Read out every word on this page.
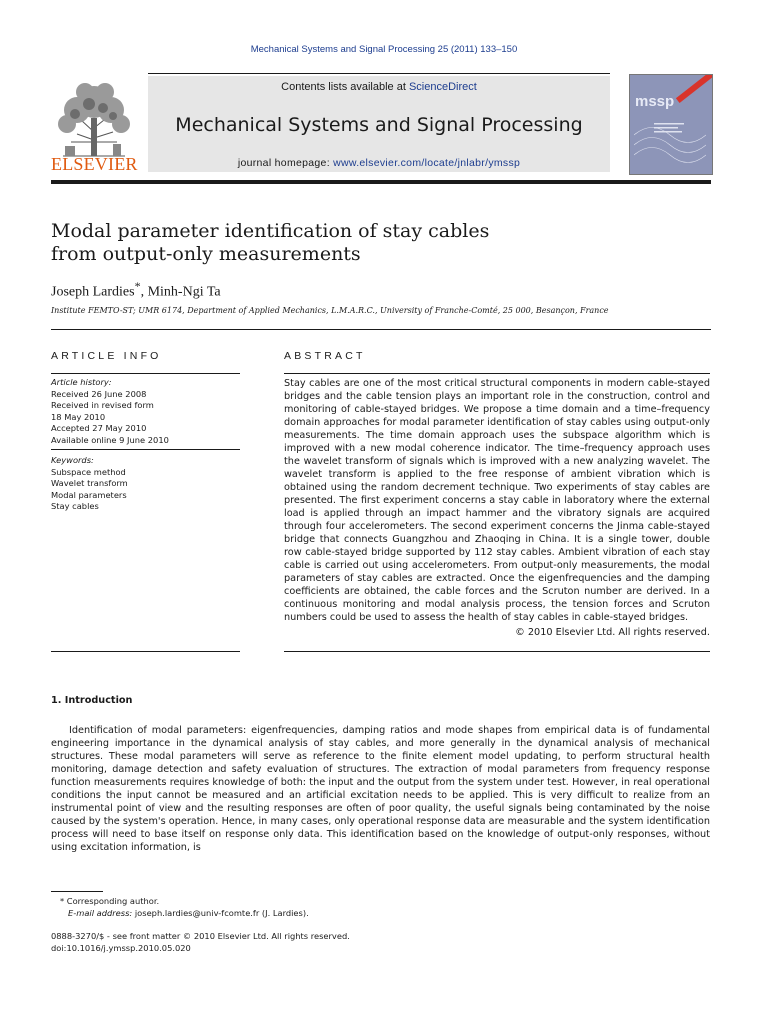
Mechanical Systems and Signal Processing 25 (2011) 133–150
ELSEVIER
Contents lists available at ScienceDirect
Mechanical Systems and Signal Processing
journal homepage: www.elsevier.com/locate/jnlabr/ymssp
mssp
Modal parameter identification of stay cables
from output-only measurements
Joseph Lardies*, Minh-Ngi Ta
Institute FEMTO-ST; UMR 6174, Department of Applied Mechanics, L.M.A.R.C., University of Franche-Comté, 25 000, Besançon, France
ARTICLE INFO	ABSTRACT
Article history:
Received 26 June 2008
Received in revised form
18 May 2010
Accepted 27 May 2010
Available online 9 June 2010
Keywords:
Subspace method
Wavelet transform
Modal parameters
Stay cables
Stay cables are one of the most critical structural components in modern cable-stayed bridges and the cable tension plays an important role in the construction, control and monitoring of cable-stayed bridges. We propose a time domain and a time–frequency domain approaches for modal parameter identification of stay cables using output-only measurements. The time domain approach uses the subspace algorithm which is improved with a new modal coherence indicator. The time–frequency approach uses the wavelet transform of signals which is improved with a new analyzing wavelet. The wavelet transform is applied to the free response of ambient vibration which is obtained using the random decrement technique. Two experiments of stay cables are presented. The first experiment concerns a stay cable in laboratory where the external load is applied through an impact hammer and the vibratory signals are acquired through four accelerometers. The second experiment concerns the Jinma cable-stayed bridge that connects Guangzhou and Zhaoqing in China. It is a single tower, double row cable-stayed bridge supported by 112 stay cables. Ambient vibration of each stay cable is carried out using accelerometers. From output-only measurements, the modal parameters of stay cables are extracted. Once the eigenfrequencies and the damping coefficients are obtained, the cable forces and the Scruton number are derived. In a continuous monitoring and modal analysis process, the tension forces and Scruton numbers could be used to assess the health of stay cables in cable-stayed bridges.
© 2010 Elsevier Ltd. All rights reserved.
1. Introduction
Identification of modal parameters: eigenfrequencies, damping ratios and mode shapes from empirical data is of fundamental engineering importance in the dynamical analysis of stay cables, and more generally in the dynamical analysis of mechanical structures. These modal parameters will serve as reference to the finite element model updating, to perform structural health monitoring, damage detection and safety evaluation of structures. The extraction of modal parameters from frequency response function measurements requires knowledge of both: the input and the output from the system under test. However, in real operational conditions the input cannot be measured and an artificial excitation needs to be applied. This is very difficult to realize from an instrumental point of view and the resulting responses are often of poor quality, the useful signals being contaminated by the noise caused by the system's operation. Hence, in many cases, only operational response data are measurable and the system identification process will need to base itself on response only data. This identification based on the knowledge of output-only responses, without using excitation information, is
* Corresponding author.
E-mail address: joseph.lardies@univ-fcomte.fr (J. Lardies).
0888-3270/$ - see front matter © 2010 Elsevier Ltd. All rights reserved.
doi:10.1016/j.ymssp.2010.05.020
